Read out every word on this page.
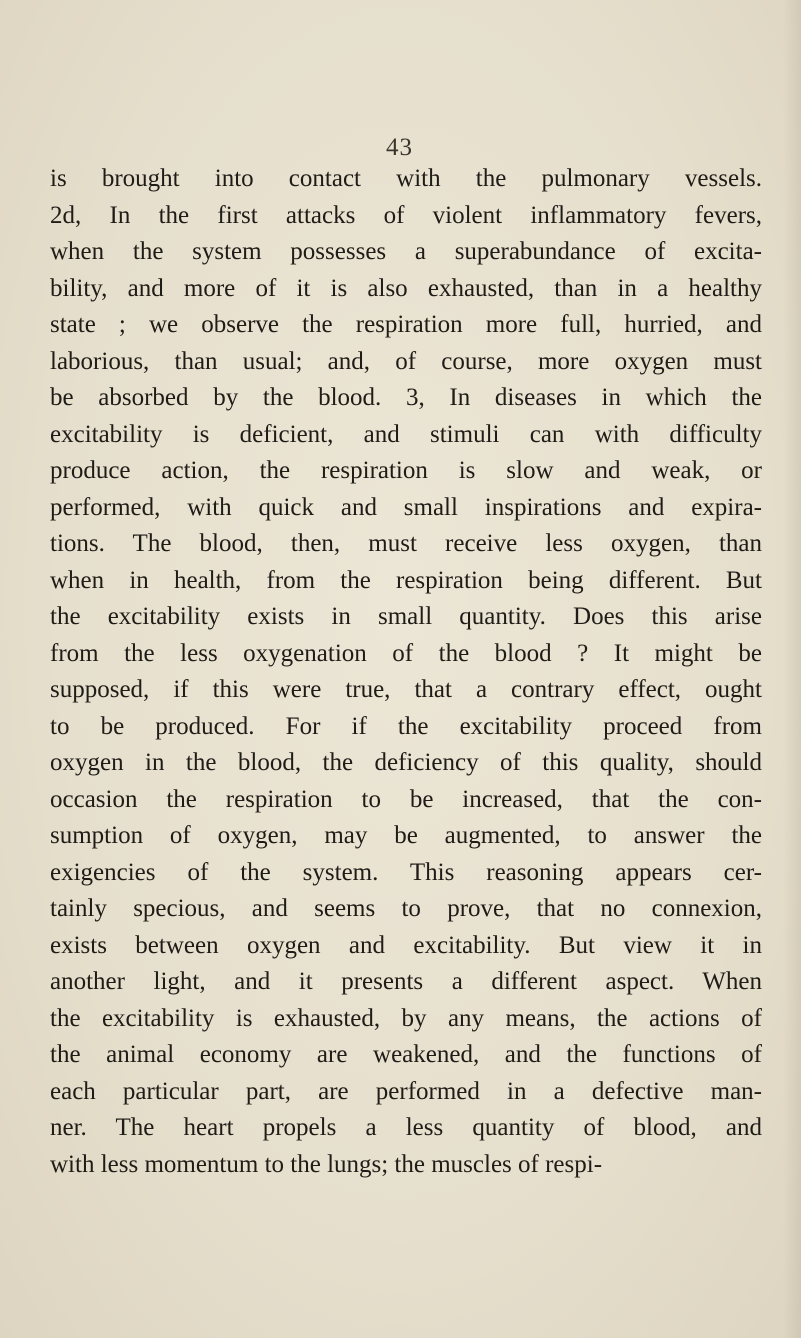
43
is brought into contact with the pulmonary vessels.
2d, In the first attacks of violent inflammatory fevers,
when the system possesses a superabundance of excita-
bility, and more of it is also exhausted, than in a healthy
state ; we observe the respiration more full, hurried, and
laborious, than usual; and, of course, more oxygen must
be absorbed by the blood. 3, In diseases in which the
excitability is deficient, and stimuli can with difficulty
produce action, the respiration is slow and weak, or
performed, with quick and small inspirations and expira-
tions. The blood, then, must receive less oxygen, than
when in health, from the respiration being different. But
the excitability exists in small quantity. Does this arise
from the less oxygenation of the blood ? It might be
supposed, if this were true, that a contrary effect, ought
to be produced. For if the excitability proceed from
oxygen in the blood, the deficiency of this quality, should
occasion the respiration to be increased, that the con-
sumption of oxygen, may be augmented, to answer the
exigencies of the system. This reasoning appears cer-
tainly specious, and seems to prove, that no connexion,
exists between oxygen and excitability. But view it in
another light, and it presents a different aspect. When
the excitability is exhausted, by any means, the actions of
the animal economy are weakened, and the functions of
each particular part, are performed in a defective man-
ner. The heart propels a less quantity of blood, and
with less momentum to the lungs; the muscles of respi-
